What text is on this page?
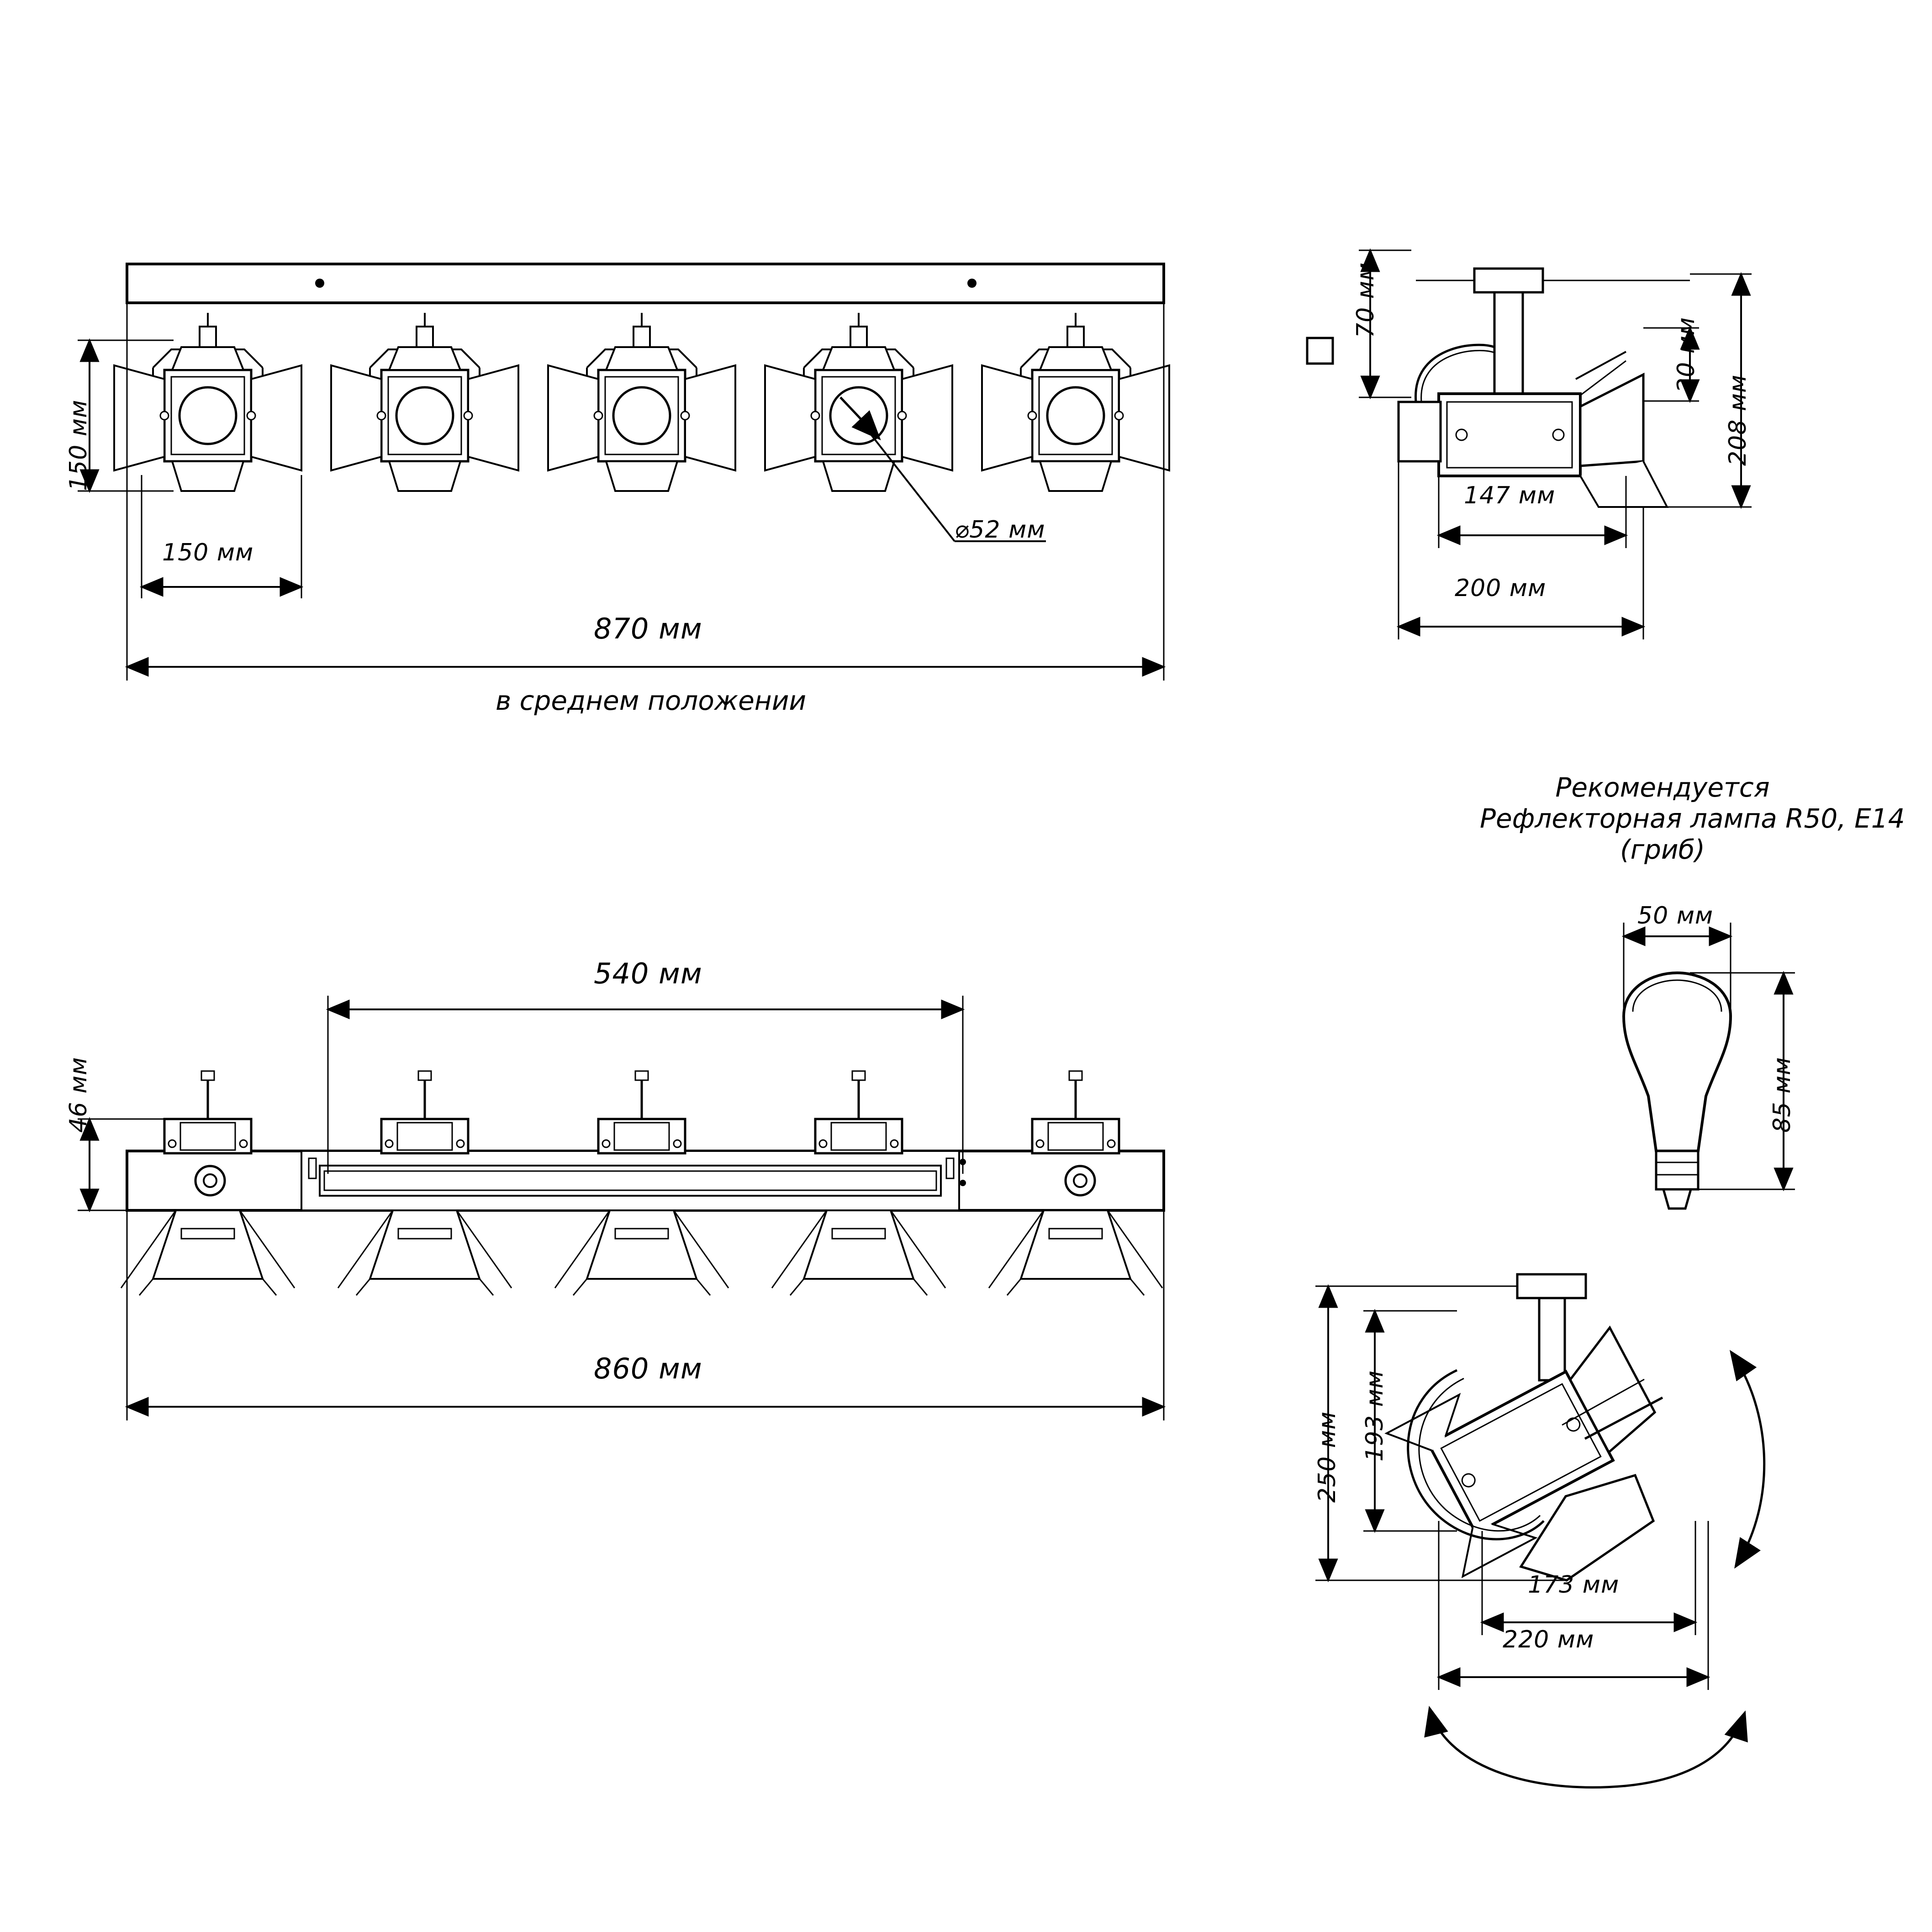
150 мм
150 мм
870 мм
⌀52 мм
в среднем положении
70 мм
20 мм
208 мм
147 мм
200 мм
46 мм
540 мм
860 мм
Рекомендуется
Рефлекторная лампа R50, E14
(гриб)
50 мм
85 мм
250 мм 193 мм
173 мм
220 мм
